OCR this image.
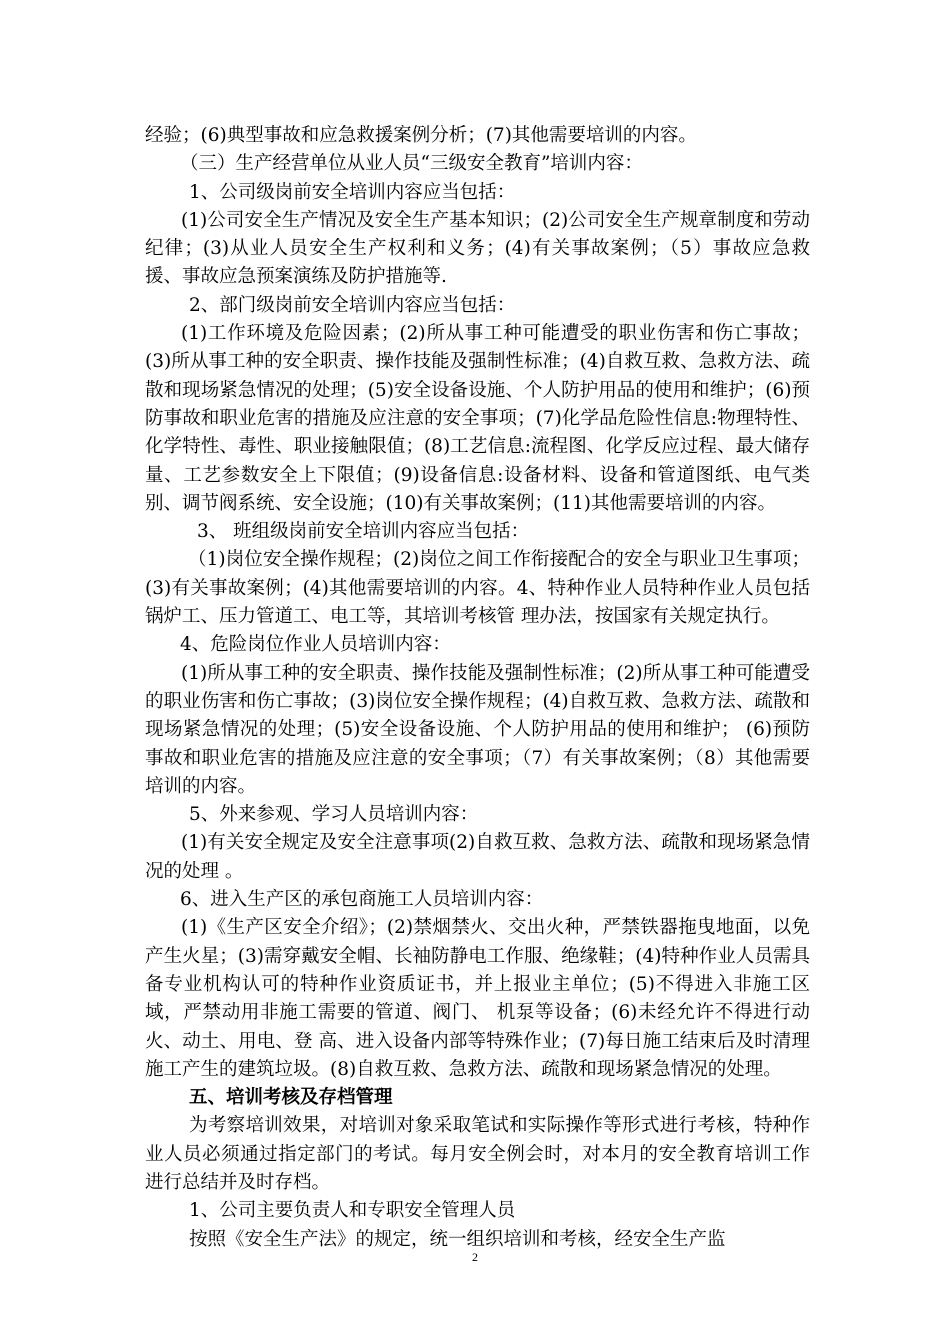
经验；(6)典型事故和应急救援案例分析；(7)其他需要培训的内容。

（三）生产经营单位从业人员“三级安全教育”培训内容：

1、公司级岗前安全培训内容应当包括：

(1)公司安全生产情况及安全生产基本知识；(2)公司安全生产规章制度和劳动纪律；(3)从业人员安全生产权利和义务；(4)有关事故案例；（5）事故应急救援、事故应急预案演练及防护措施等.

2、部门级岗前安全培训内容应当包括：

(1)工作环境及危险因素；(2)所从事工种可能遭受的职业伤害和伤亡事故；(3)所从事工种的安全职责、操作技能及强制性标准；(4)自救互救、急救方法、疏散和现场紧急情况的处理；(5)安全设备设施、个人防护用品的使用和维护；(6)预防事故和职业危害的措施及应注意的安全事项；(7)化学品危险性信息:物理特性、化学特性、毒性、职业接触限值；(8)工艺信息:流程图、化学反应过程、最大储存量、工艺参数安全上下限值；(9)设备信息:设备材料、设备和管道图纸、电气类别、调节阀系统、安全设施；(10)有关事故案例；(11)其他需要培训的内容。

3、 班组级岗前安全培训内容应当包括：

（1)岗位安全操作规程；(2)岗位之间工作衔接配合的安全与职业卫生事项；(3)有关事故案例；(4)其他需要培训的内容。4、特种作业人员特种作业人员包括锅炉工、压力管道工、电工等，其培训考核管 理办法，按国家有关规定执行。

4、危险岗位作业人员培训内容：

(1)所从事工种的安全职责、操作技能及强制性标准；(2)所从事工种可能遭受的职业伤害和伤亡事故；(3)岗位安全操作规程；(4)自救互救、急救方法、疏散和现场紧急情况的处理；(5)安全设备设施、个人防护用品的使用和维护； (6)预防事故和职业危害的措施及应注意的安全事项；（7）有关事故案例；（8）其他需要培训的内容。

5、外来参观、学习人员培训内容：

(1)有关安全规定及安全注意事项(2)自救互救、急救方法、疏散和现场紧急情况的处理 。

6、进入生产区的承包商施工人员培训内容：

(1)《生产区安全介绍》；(2)禁烟禁火、交出火种，严禁铁器拖曳地面，以免产生火星；(3)需穿戴安全帽、长袖防静电工作服、绝缘鞋；(4)特种作业人员需具备专业机构认可的特种作业资质证书，并上报业主单位；(5)不得进入非施工区域，严禁动用非施工需要的管道、阀门、 机泵等设备；(6)未经允许不得进行动火、动土、用电、登 高、进入设备内部等特殊作业；(7)每日施工结束后及时清理施工产生的建筑垃圾。(8)自救互救、急救方法、疏散和现场紧急情况的处理。

五、培训考核及存档管理

为考察培训效果，对培训对象采取笔试和实际操作等形式进行考核，特种作业人员必须通过指定部门的考试。每月安全例会时，对本月的安全教育培训工作进行总结并及时存档。

1、公司主要负责人和专职安全管理人员

按照《安全生产法》的规定，统一组织培训和考核，经安全生产监

2
